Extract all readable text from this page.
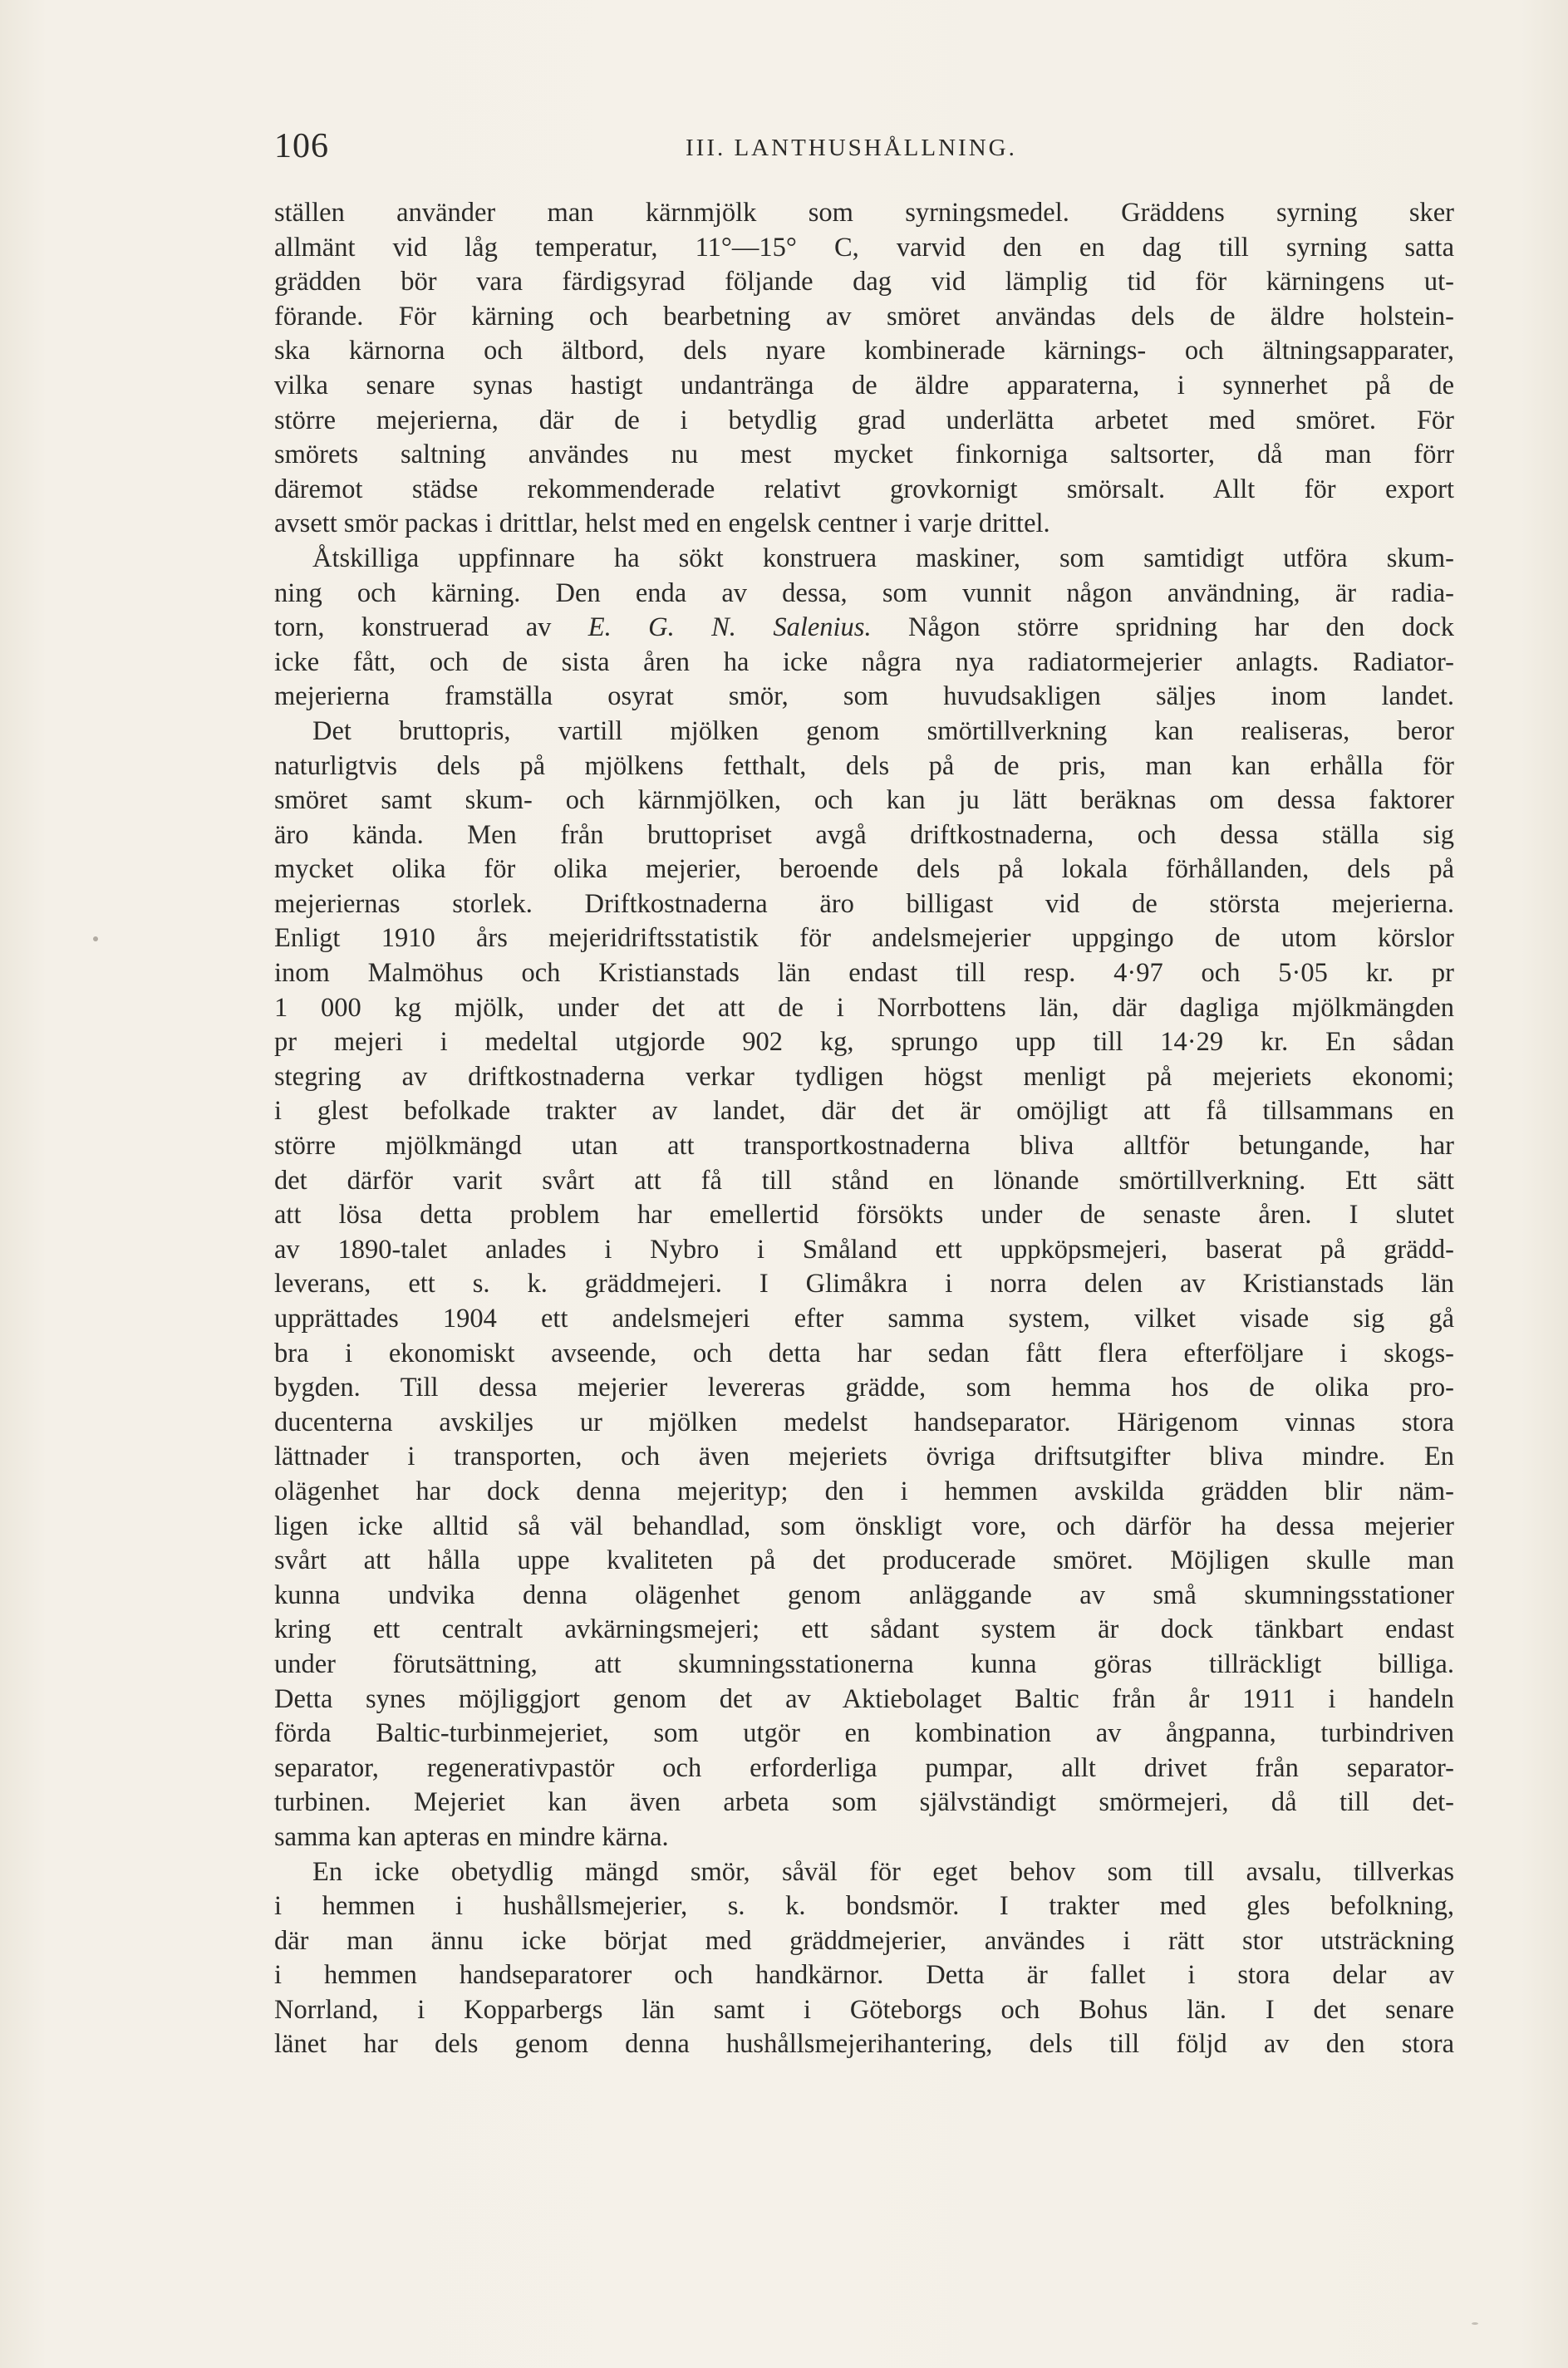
106	III. LANTHUSHÅLLNING.
ställen använder man kärnmjölk som syrningsmedel. Gräddens syrning sker
allmänt vid låg temperatur, 11°—15° C, varvid den en dag till syrning satta
grädden bör vara färdigsyrad följande dag vid lämplig tid för kärningens ut-
förande. För kärning och bearbetning av smöret användas dels de äldre holstein-
ska kärnorna och ältbord, dels nyare kombinerade kärnings- och ältningsapparater,
vilka senare synas hastigt undantränga de äldre apparaterna, i synnerhet på de
större mejerierna, där de i betydlig grad underlätta arbetet med smöret. För
smörets saltning användes nu mest mycket finkorniga saltsorter, då man förr
däremot städse rekommenderade relativt grovkornigt smörsalt. Allt för export
avsett smör packas i drittlar, helst med en engelsk centner i varje drittel.
Åtskilliga uppfinnare ha sökt konstruera maskiner, som samtidigt utföra skum-
ning och kärning. Den enda av dessa, som vunnit någon användning, är radia-
torn, konstruerad av E. G. N. Salenius. Någon större spridning har den dock
icke fått, och de sista åren ha icke några nya radiatormejerier anlagts. Radiator-
mejerierna framställa osyrat smör, som huvudsakligen säljes inom landet.
Det bruttopris, vartill mjölken genom smörtillverkning kan realiseras, beror
naturligtvis dels på mjölkens fetthalt, dels på de pris, man kan erhålla för
smöret samt skum- och kärnmjölken, och kan ju lätt beräknas om dessa faktorer
äro kända. Men från bruttopriset avgå driftkostnaderna, och dessa ställa sig
mycket olika för olika mejerier, beroende dels på lokala förhållanden, dels på
mejeriernas storlek. Driftkostnaderna äro billigast vid de största mejerierna.
Enligt 1910 års mejeridriftsstatistik för andelsmejerier uppgingo de utom körslor
inom Malmöhus och Kristianstads län endast till resp. 4·97 och 5·05 kr. pr
1 000 kg mjölk, under det att de i Norrbottens län, där dagliga mjölkmängden
pr mejeri i medeltal utgjorde 902 kg, sprungo upp till 14·29 kr. En sådan
stegring av driftkostnaderna verkar tydligen högst menligt på mejeriets ekonomi;
i glest befolkade trakter av landet, där det är omöjligt att få tillsammans en
större mjölkmängd utan att transportkostnaderna bliva alltför betungande, har
det därför varit svårt att få till stånd en lönande smörtillverkning. Ett sätt
att lösa detta problem har emellertid försökts under de senaste åren. I slutet
av 1890-talet anlades i Nybro i Småland ett uppköpsmejeri, baserat på grädd-
leverans, ett s. k. gräddmejeri. I Glimåkra i norra delen av Kristianstads län
upprättades 1904 ett andelsmejeri efter samma system, vilket visade sig gå
bra i ekonomiskt avseende, och detta har sedan fått flera efterföljare i skogs-
bygden. Till dessa mejerier levereras grädde, som hemma hos de olika pro-
ducenterna avskiljes ur mjölken medelst handseparator. Härigenom vinnas stora
lättnader i transporten, och även mejeriets övriga driftsutgifter bliva mindre. En
olägenhet har dock denna mejerityp; den i hemmen avskilda grädden blir näm-
ligen icke alltid så väl behandlad, som önskligt vore, och därför ha dessa mejerier
svårt att hålla uppe kvaliteten på det producerade smöret. Möjligen skulle man
kunna undvika denna olägenhet genom anläggande av små skumningsstationer
kring ett centralt avkärningsmejeri; ett sådant system är dock tänkbart endast
under förutsättning, att skumningsstationerna kunna göras tillräckligt billiga.
Detta synes möjliggjort genom det av Aktiebolaget Baltic från år 1911 i handeln
förda Baltic-turbinmejeriet, som utgör en kombination av ångpanna, turbindriven
separator, regenerativpastör och erforderliga pumpar, allt drivet från separator-
turbinen. Mejeriet kan även arbeta som självständigt smörmejeri, då till det-
samma kan apteras en mindre kärna.
En icke obetydlig mängd smör, såväl för eget behov som till avsalu, tillverkas
i hemmen i hushållsmejerier, s. k. bondsmör. I trakter med gles befolkning,
där man ännu icke börjat med gräddmejerier, användes i rätt stor utsträckning
i hemmen handseparatorer och handkärnor. Detta är fallet i stora delar av
Norrland, i Kopparbergs län samt i Göteborgs och Bohus län. I det senare
länet har dels genom denna hushållsmejerihantering, dels till följd av den stora
